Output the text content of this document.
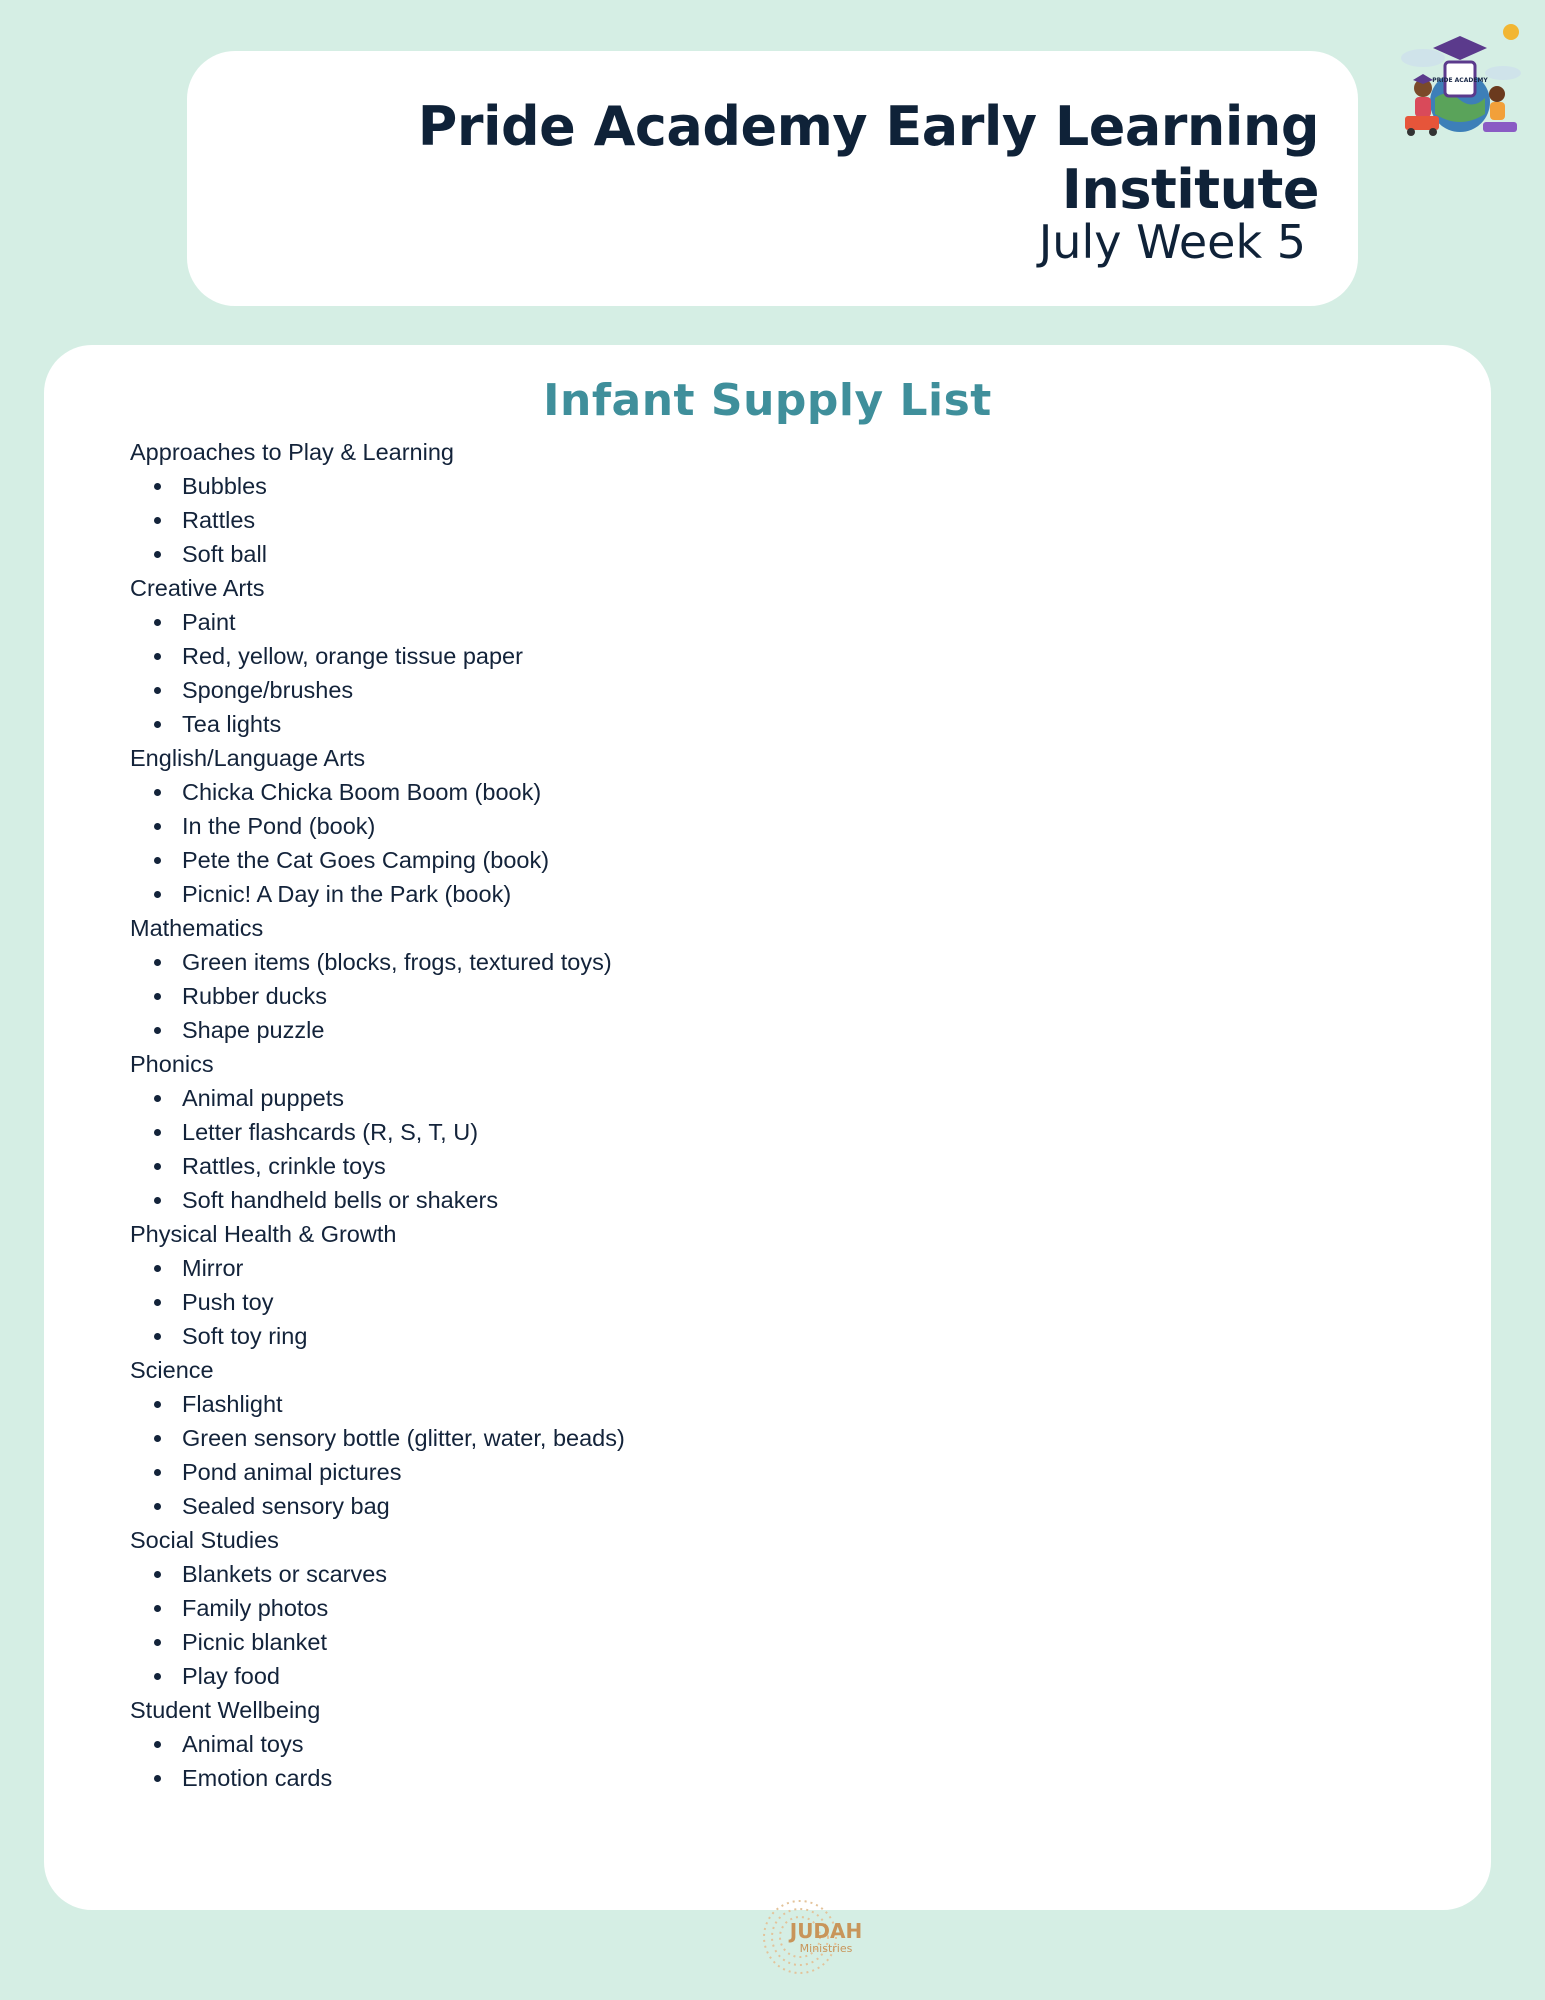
Pride Academy Early Learning Institute

July Week 5

PRIDE ACADEMY
Infant Supply List
Approaches to Play & Learning
Bubbles
Rattles
Soft ball
Creative Arts
Paint
Red, yellow, orange tissue paper
Sponge/brushes
Tea lights
English/Language Arts
Chicka Chicka Boom Boom (book)
In the Pond (book)
Pete the Cat Goes Camping (book)
Picnic! A Day in the Park (book)
Mathematics
Green items (blocks, frogs, textured toys)
Rubber ducks
Shape puzzle
Phonics
Animal puppets
Letter flashcards (R, S, T, U)
Rattles, crinkle toys
Soft handheld bells or shakers
Physical Health & Growth
Mirror
Push toy
Soft toy ring
Science
Flashlight
Green sensory bottle (glitter, water, beads)
Pond animal pictures
Sealed sensory bag
Social Studies
Blankets or scarves
Family photos
Picnic blanket
Play food
Student Wellbeing
Animal toys
Emotion cards
JUDAH
Ministries
